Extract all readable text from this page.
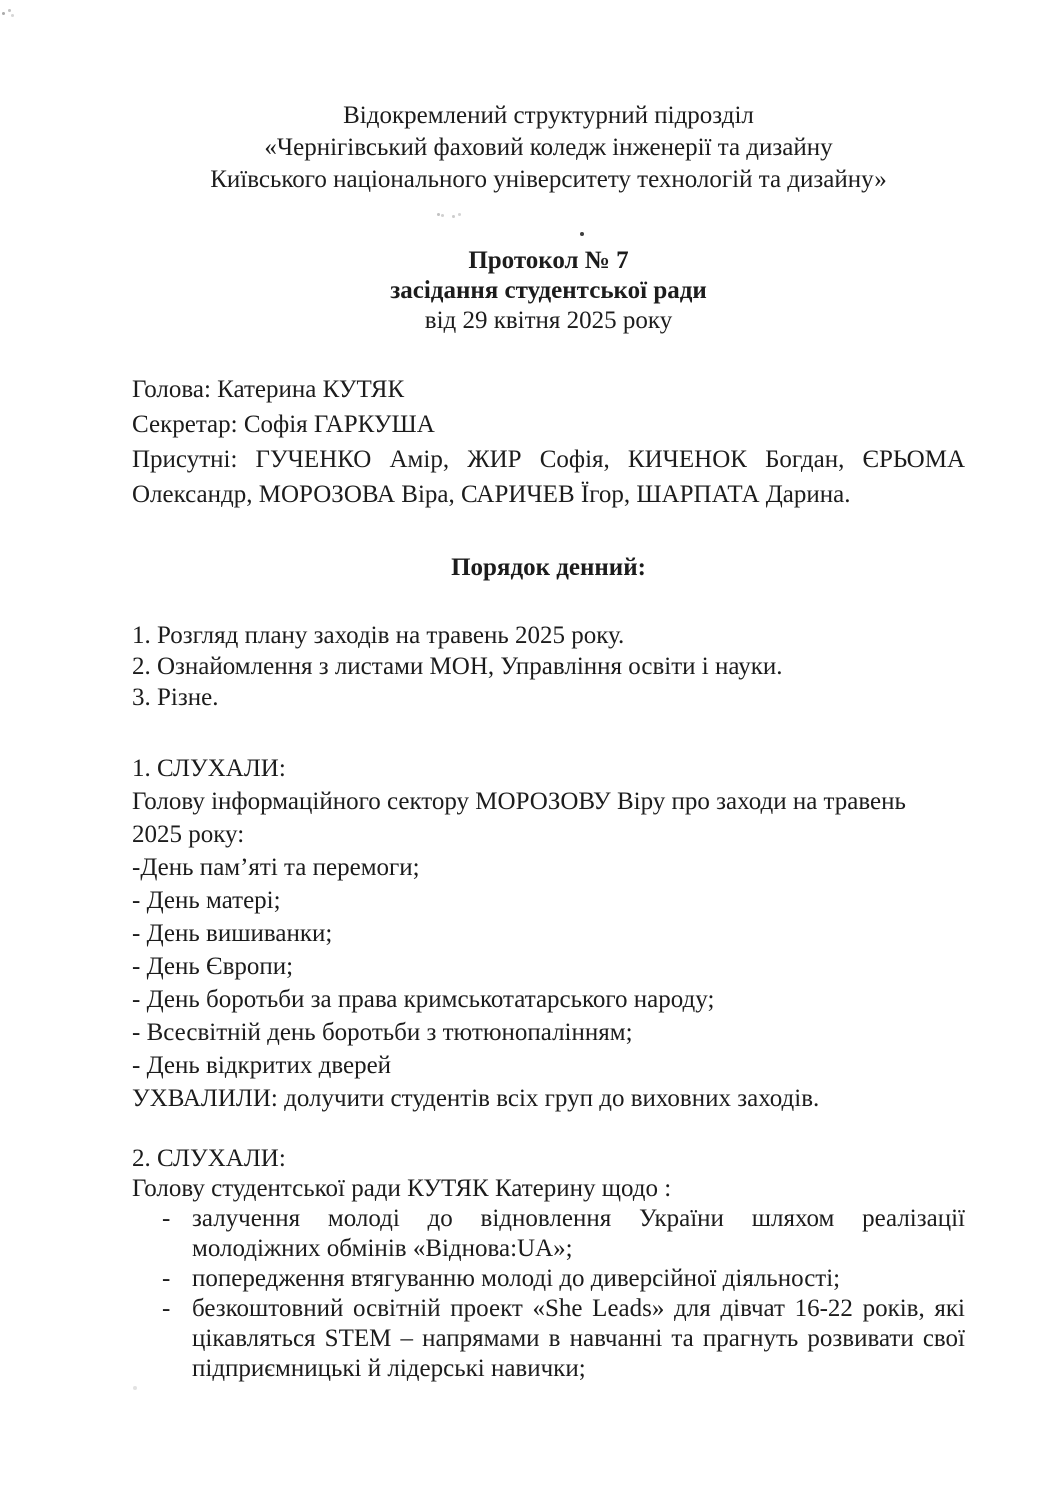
Відокремлений структурний підрозділ
«Чернігівський фаховий коледж інженерії та дизайну
Київського національного університету технологій та дизайну»
Протокол № 7
засідання студентської ради
від 29 квітня 2025 року
Голова: Катерина КУТЯК
Секретар: Софія ГАРКУША
Присутні: ГУЧЕНКО Амір, ЖИР Софія, КИЧЕНОК Богдан, ЄРЬОМА
Олександр, МОРОЗОВА Віра, САРИЧЕВ Їгор, ШАРПАТА Дарина.
Порядок денний:
1. Розгляд плану заходів на травень 2025 року.
2. Ознайомлення з листами МОН, Управління освіти і науки.
3. Різне.
1. СЛУХАЛИ:
Голову інформаційного сектору МОРОЗОВУ Віру про заходи на травень
2025 року:
-День пам’яті та перемоги;
- День матері;
- День вишиванки;
- День Європи;
- День боротьби за права кримськотатарського народу;
- Всесвітній день боротьби з тютюнопалінням;
- День відкритих дверей
УХВАЛИЛИ: долучити студентів всіх груп до виховних заходів.
2. СЛУХАЛИ:
Голову студентської ради КУТЯК Катерину щодо :
- залучення молоді до відновлення України шляхом реалізації
молодіжних обмінів «Віднова:UA»;
- попередження втягуванню молоді до диверсійної діяльності;
- безкоштовний освітній проект «She Leads» для дівчат 16-22 років, які
цікавляться STEM – напрямами в навчанні та прагнуть розвивати свої
підприємницькі й лідерські навички;
